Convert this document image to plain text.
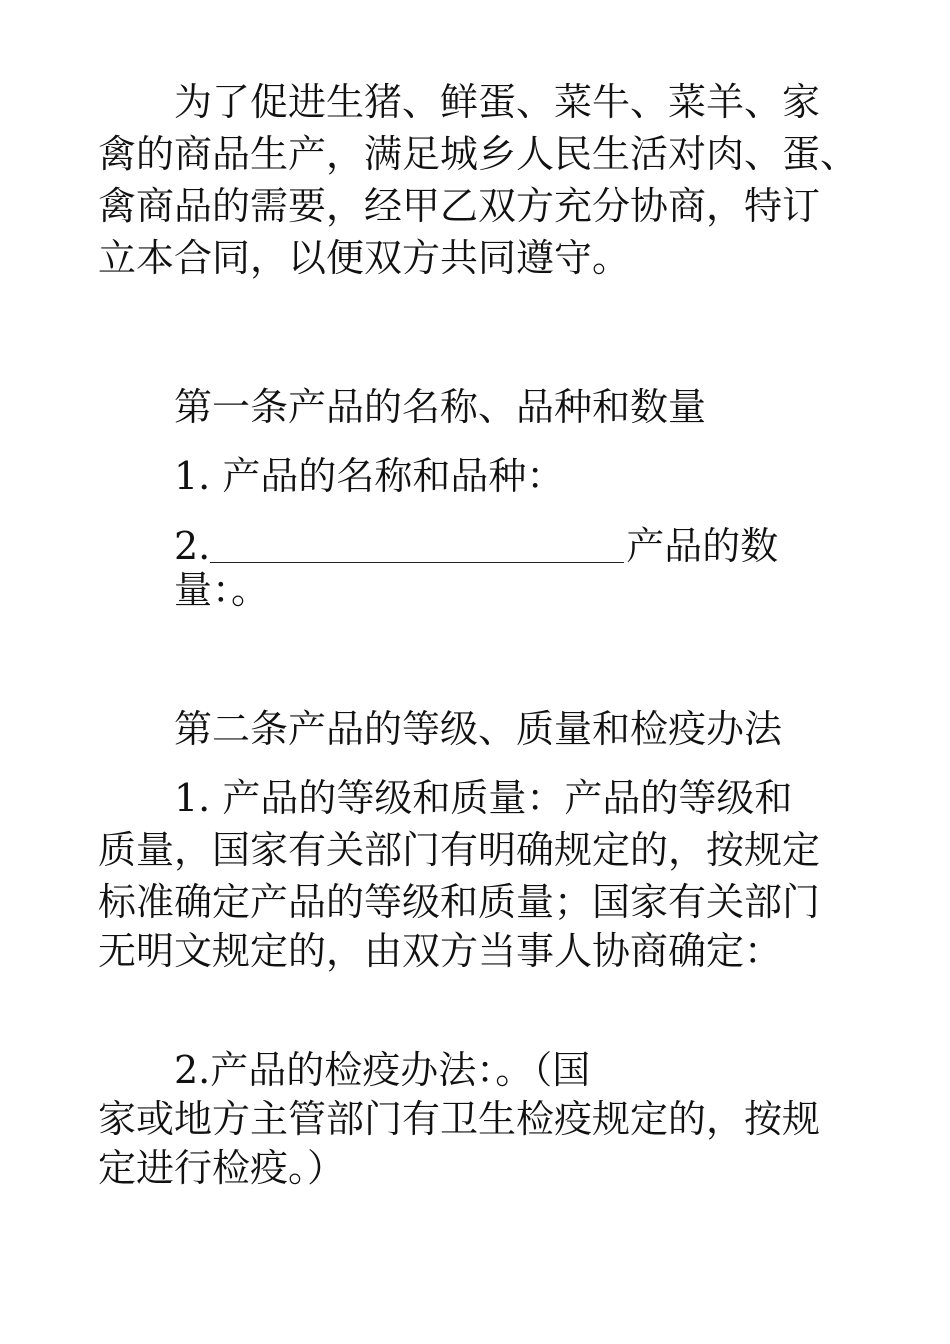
为了促进生猪、鲜蛋、菜牛、菜羊、家

禽的商品生产，满足城乡人民生活对肉、蛋、

禽商品的需要，经甲乙双方充分协商，特订

立本合同，以便双方共同遵守。

第一条产品的名称、品种和数量

1. 产品的名称和品种：

2.	产品的数

量：。

第二条产品的等级、质量和检疫办法

1. 产品的等级和质量：产品的等级和

质量，国家有关部门有明确规定的，按规定

标准确定产品的等级和质量；国家有关部门

无明文规定的，由双方当事人协商确定：

2.产品的检疫办法：。（国

家或地方主管部门有卫生检疫规定的，按规

定进行检疫。）
